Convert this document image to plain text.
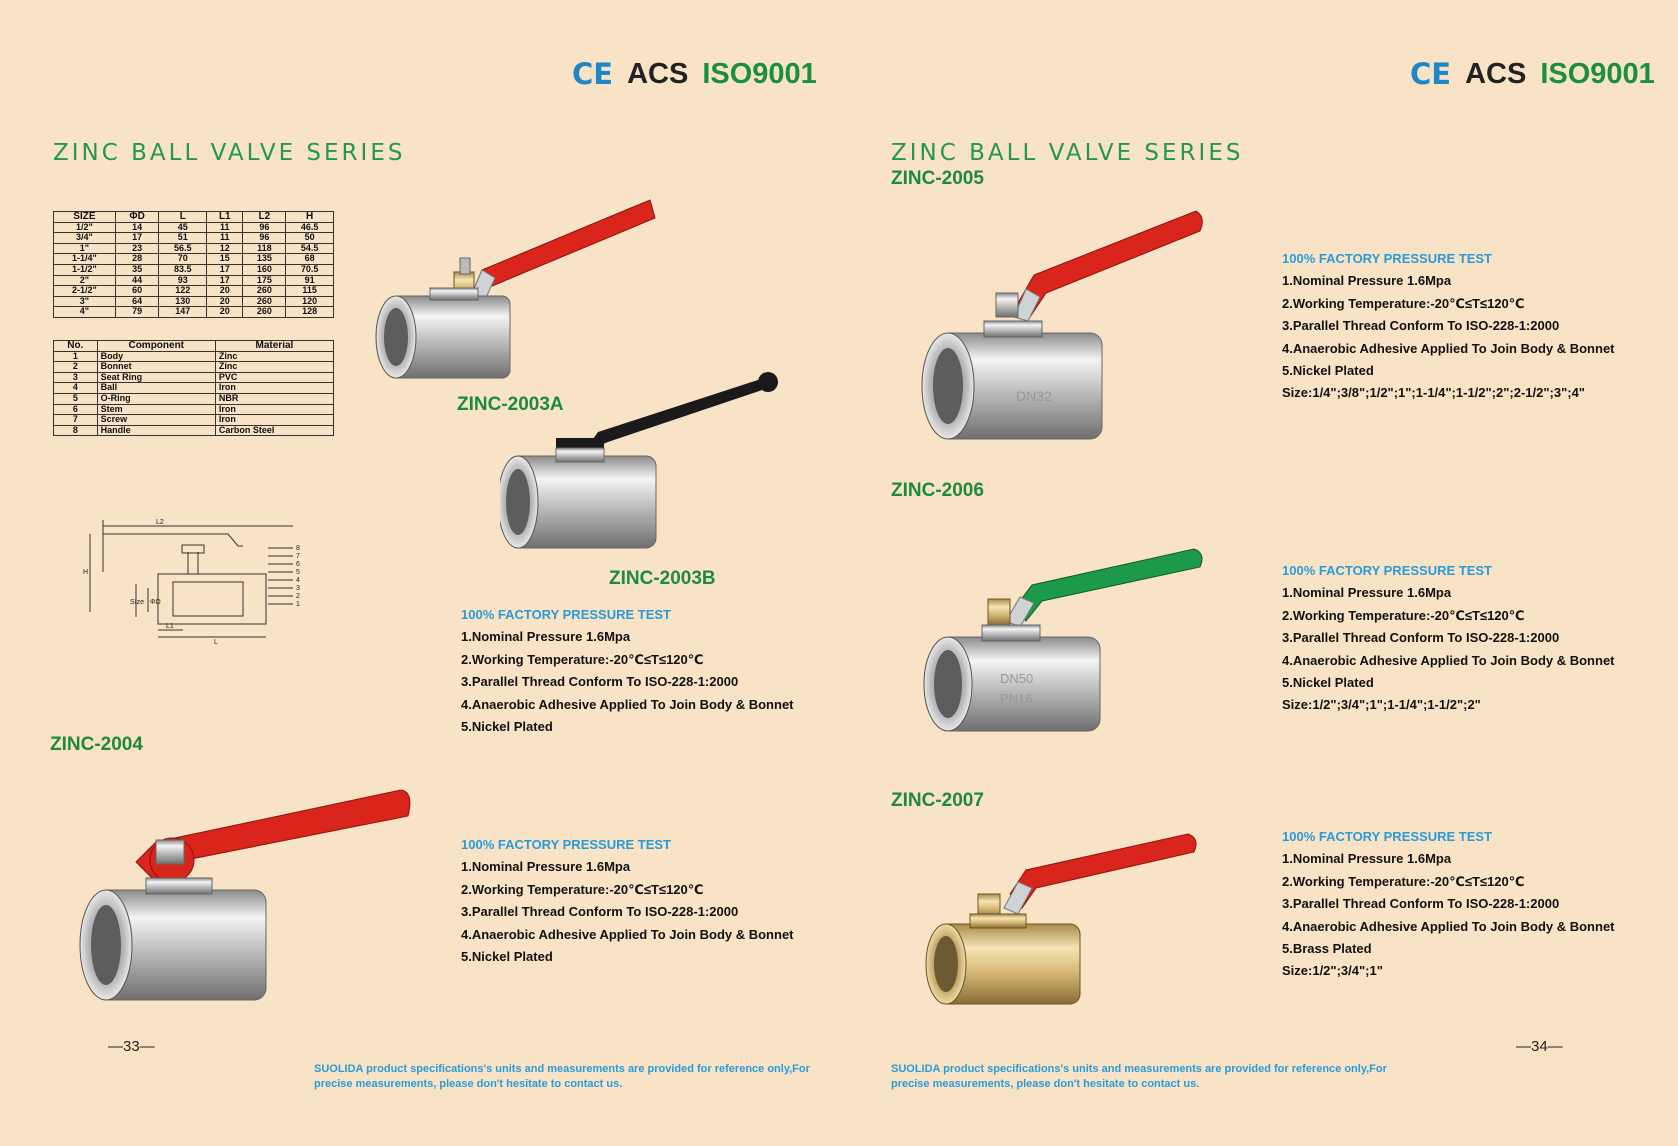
CE ACS ISO9001
ZINC BALL VALVE SERIES
SIZE	ΦD	L	L1	L2	H
1/2"	14	45	11	96	46.5
3/4"	17	51	11	96	50
1"	23	56.5	12	118	54.5
1-1/4"	28	70	15	135	68
1-1/2"	35	83.5	17	160	70.5
2"	44	93	17	175	91
2-1/2"	60	122	20	260	115
3"	64	130	20	260	120
4"	79	147	20	260	128
No.	Component	Material
1	Body	Zinc
2	Bonnet	Zinc
3	Seat Ring	PVC
4	Ball	Iron
5	O-Ring	NBR
6	Stem	Iron
7	Screw	Iron
8	Handle	Carbon Steel
L2
H
L
L1
ΦD
SIze
8
7
6
5
4
3
2
1
ZINC-2003A
ZINC-2003B
100% FACTORY PRESSURE TEST
1.Nominal Pressure 1.6Mpa
2.Working Temperature:-20℃≤T≤120℃
3.Parallel Thread Conform To ISO-228-1:2000
4.Anaerobic Adhesive Applied To Join Body & Bonnet
5.Nickel Plated
ZINC-2004
100% FACTORY PRESSURE TEST
1.Nominal Pressure 1.6Mpa
2.Working Temperature:-20℃≤T≤120℃
3.Parallel Thread Conform To ISO-228-1:2000
4.Anaerobic Adhesive Applied To Join Body & Bonnet
5.Nickel Plated
—33—
SUOLIDA product specifications's units and measurements are provided for reference only,For precise measurements, please don't hesitate to contact us.
CE ACS ISO9001
ZINC BALL VALVE SERIES
ZINC-2005
DN32
100% FACTORY PRESSURE TEST
1.Nominal Pressure 1.6Mpa
2.Working Temperature:-20℃≤T≤120℃
3.Parallel Thread Conform To ISO-228-1:2000
4.Anaerobic Adhesive Applied To Join Body & Bonnet
5.Nickel Plated
Size:1/4";3/8";1/2";1";1-1/4";1-1/2";2";2-1/2";3";4"
ZINC-2006
DN50
PN16
100% FACTORY PRESSURE TEST
1.Nominal Pressure 1.6Mpa
2.Working Temperature:-20℃≤T≤120℃
3.Parallel Thread Conform To ISO-228-1:2000
4.Anaerobic Adhesive Applied To Join Body & Bonnet
5.Nickel Plated
Size:1/2";3/4";1";1-1/4";1-1/2";2"
ZINC-2007
100% FACTORY PRESSURE TEST
1.Nominal Pressure 1.6Mpa
2.Working Temperature:-20℃≤T≤120℃
3.Parallel Thread Conform To ISO-228-1:2000
4.Anaerobic Adhesive Applied To Join Body & Bonnet
5.Brass Plated
Size:1/2";3/4";1"
—34—
SUOLIDA product specifications's units and measurements are provided for reference only,For precise measurements, please don't hesitate to contact us.
